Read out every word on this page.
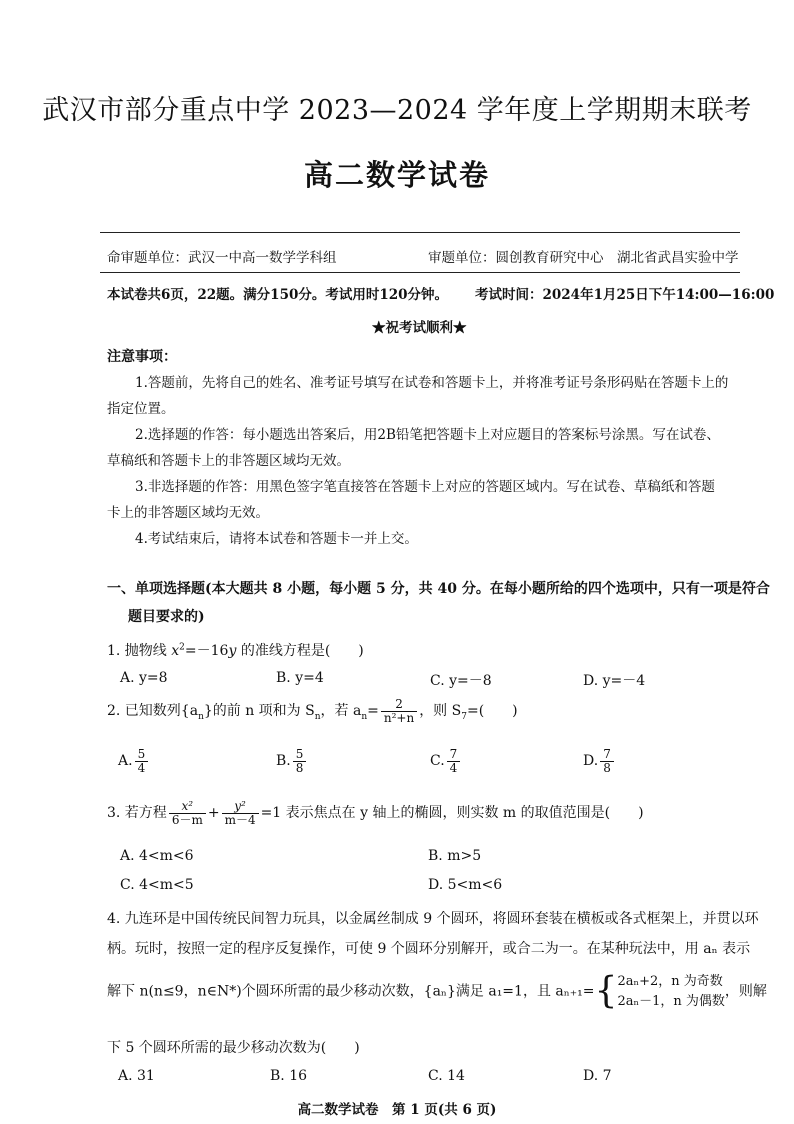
武汉市部分重点中学 2023—2024 学年度上学期期末联考
高二数学试卷
命审题单位：武汉一中高一数学学科组	审题单位：圆创教育研究中心　湖北省武昌实验中学
本试卷共6页，22题。满分150分。考试用时120分钟。 考试时间：2024年1月25日下午14:00—16:00
★祝考试顺利★
注意事项：
1.答题前，先将自己的姓名、准考证号填写在试卷和答题卡上，并将准考证号条形码贴在答题卡上的
指定位置。
2.选择题的作答：每小题选出答案后，用2B铅笔把答题卡上对应题目的答案标号涂黑。写在试卷、
草稿纸和答题卡上的非答题区域均无效。
3.非选择题的作答：用黑色签字笔直接答在答题卡上对应的答题区域内。写在试卷、草稿纸和答题
卡上的非答题区域均无效。
4.考试结束后，请将本试卷和答题卡一并上交。
一、单项选择题(本大题共 8 小题，每小题 5 分，共 40 分。在每小题所给的四个选项中，只有一项是符合
题目要求的)
1. 抛物线 $x^2=-16y$ 的准线方程是(　　)
A. y=8	B. y=4	C. y=－8	D. y=－4
2. 已知数列$\{a_n\}$的前 n 项和为 $S_n$，若 $a_n= \frac{2}{\text{n²+n}}$ ，则 $S_7=$(　　)
A. $\frac{5}{4}$	B. $\frac{5}{8}$	C. $\frac{7}{4}$	D. $\frac{7}{8}$
3. 若方程 $\frac{\text{x²}}{6-m} + \frac{\text{y²}}{m-4} =1$ 表示焦点在 y 轴上的椭圆，则实数 m 的取值范围是(　　)
A. 4<m<6	B. m>5
C. 4<m<5	D. 5<m<6
4. 九连环是中国传统民间智力玩具，以金属丝制成 9 个圆环，将圆环套装在横板或各式框架上，并贯以环
柄。玩时，按照一定的程序反复操作，可使 9 个圆环分别解开，或合二为一。在某种玩法中，用 aₙ 表示
解下 n(n≤9，n∈N*)个圆环所需的最少移动次数，{aₙ}满足 a₁=1，且 aₙ₊₁={ 2aₙ+2，n 为奇数
2aₙ－1，n 为偶数
，则解
下 5 个圆环所需的最少移动次数为(　　)
A. 31	B. 16	C. 14	D. 7
高二数学试卷　第 1 页(共 6 页)
